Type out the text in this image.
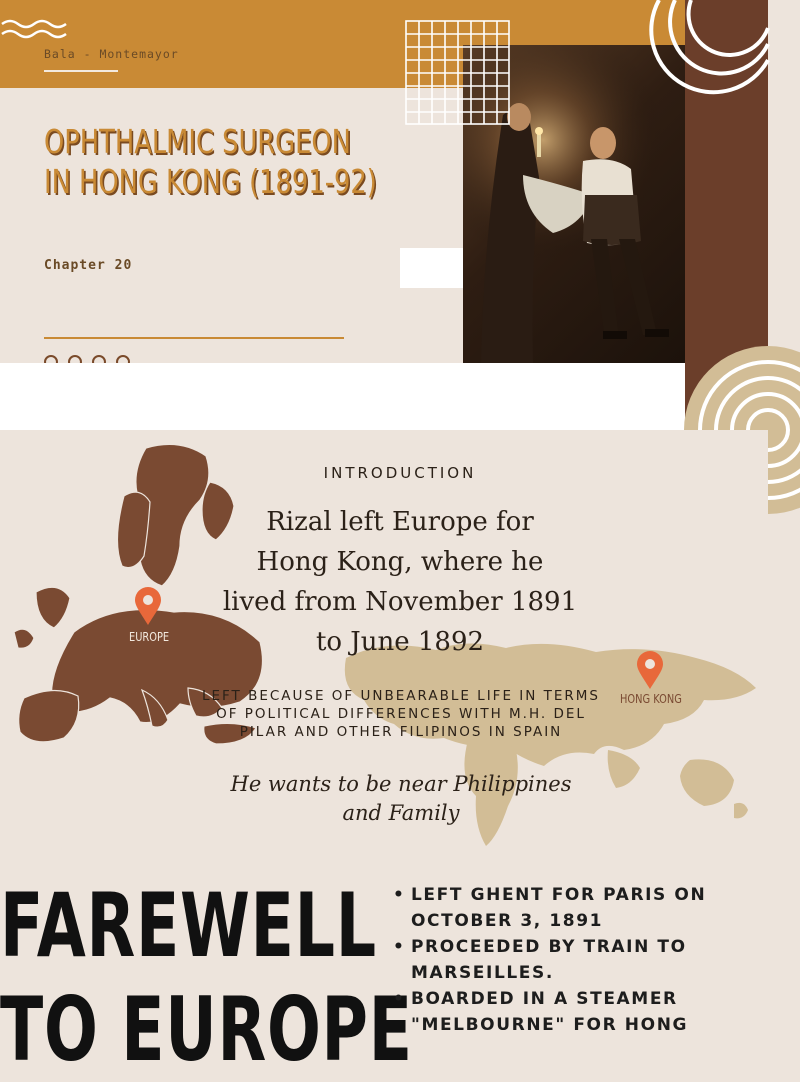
Bala - Montemayor
OPHTHALMIC SURGEON
IN HONG KONG (1891-92)
Chapter 20
EUROPE
HONG KONG
INTRODUCTION
Rizal left Europe for
Hong Kong, where he
lived from November 1891
to June 1892
LEFT BECAUSE OF UNBEARABLE LIFE IN TERMS OF POLITICAL DIFFERENCES WITH M.H. DEL PILAR AND OTHER FILIPINOS IN SPAIN
He wants to be near Philippines
and Family
FAREWELL
TO EUROPE
• LEFT GHENT FOR PARIS ON OCTOBER 3, 1891
• PROCEEDED BY TRAIN TO MARSEILLES.
• BOARDED IN A STEAMER "MELBOURNE" FOR HONG
